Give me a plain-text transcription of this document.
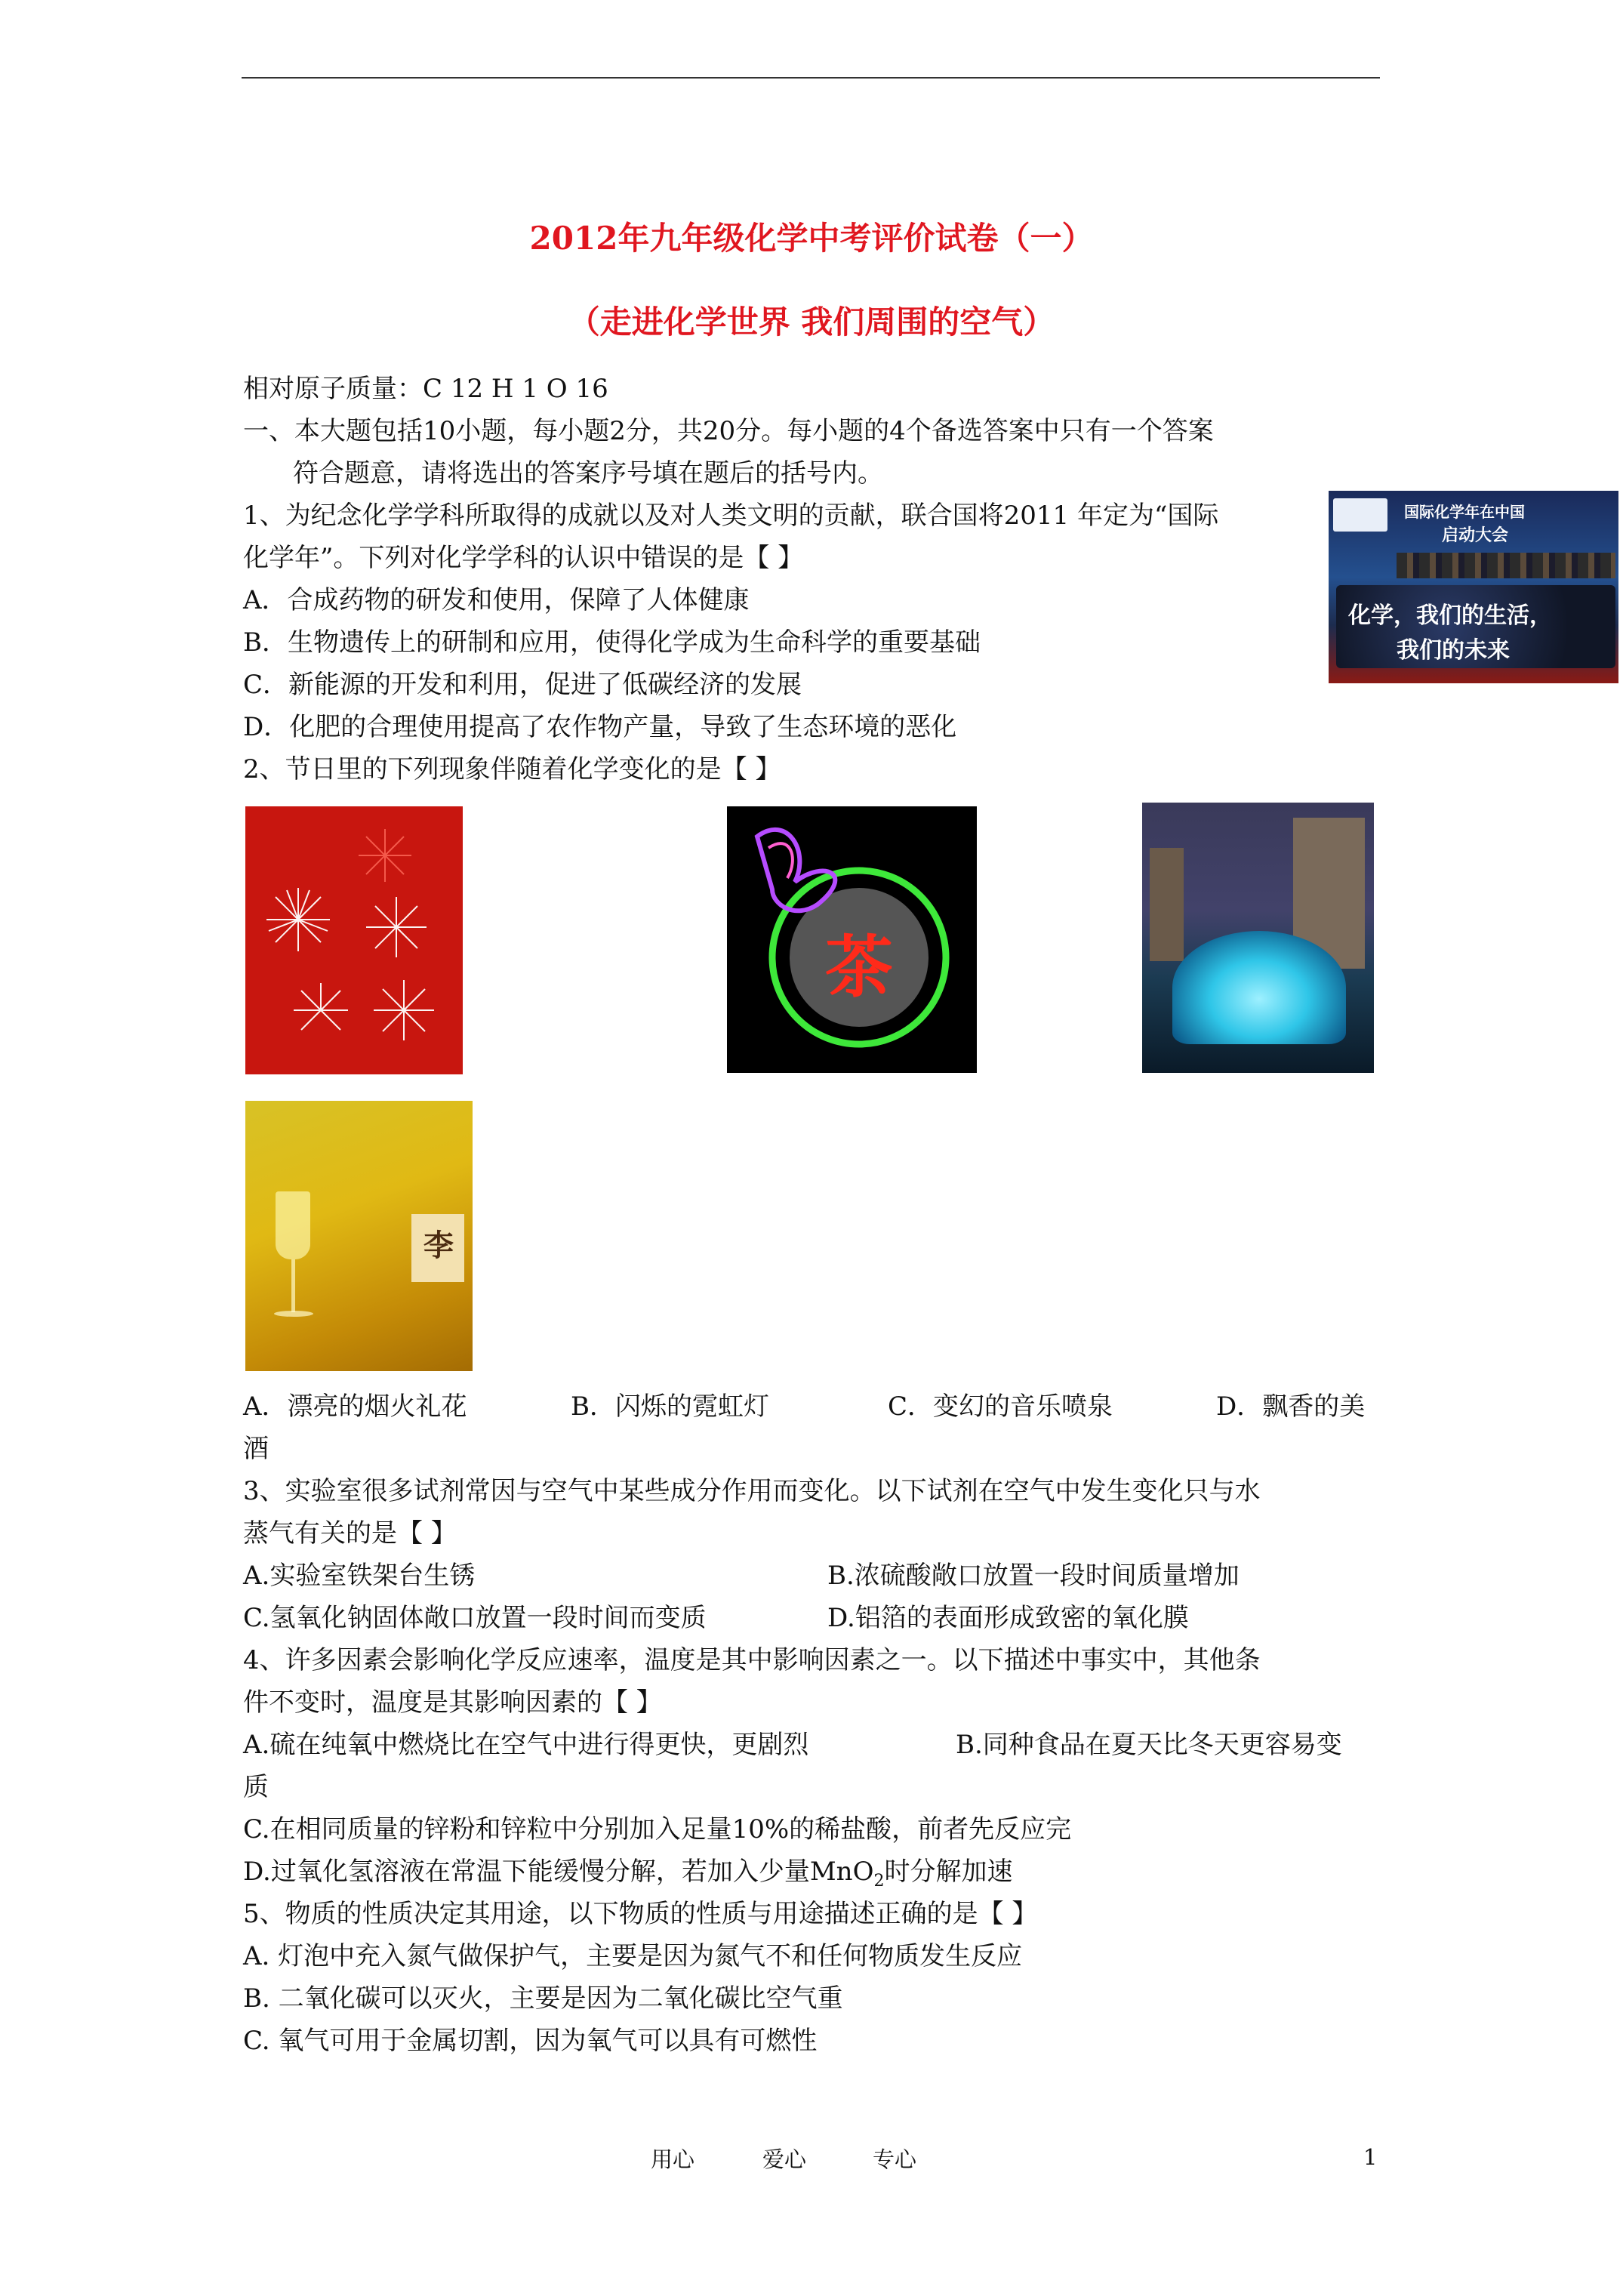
2012年九年级化学中考评价试卷（一）
（走进化学世界 我们周围的空气）
相对原子质量：C 12 H 1 O 16
一、本大题包括10小题，每小题2分，共20分。每小题的4个备选答案中只有一个答案
符合题意，请将选出的答案序号填在题后的括号内。
1、为纪念化学学科所取得的成就以及对人类文明的贡献，联合国将2011 年定为“国际
化学年”。下列对化学学科的认识中错误的是【 】
A．合成药物的研发和使用，保障了人体健康
B．生物遗传上的研制和应用，使得化学成为生命科学的重要基础
C．新能源的开发和利用，促进了低碳经济的发展
D．化肥的合理使用提高了农作物产量，导致了生态环境的恶化
国际化学年在中国
启动大会
化学，我们的生活，
我们的未来
2、节日里的下列现象伴随着化学变化的是【 】
茶
李
A．漂亮的烟火礼花	B．闪烁的霓虹灯	C．变幻的音乐喷泉	D．飘香的美
酒
3、实验室很多试剂常因与空气中某些成分作用而变化。以下试剂在空气中发生变化只与水
蒸气有关的是【 】
A.实验室铁架台生锈	B.浓硫酸敞口放置一段时间质量增加
C.氢氧化钠固体敞口放置一段时间而变质	D.铝箔的表面形成致密的氧化膜
4、许多因素会影响化学反应速率，温度是其中影响因素之一。以下描述中事实中，其他条
件不变时，温度是其影响因素的【 】
A.硫在纯氧中燃烧比在空气中进行得更快，更剧烈	B.同种食品在夏天比冬天更容易变
质
C.在相同质量的锌粉和锌粒中分别加入足量10%的稀盐酸，前者先反应完
D.过氧化氢溶液在常温下能缓慢分解，若加入少量MnO$_2$时分解加速
5、物质的性质决定其用途，以下物质的性质与用途描述正确的是【 】
A. 灯泡中充入氮气做保护气，主要是因为氮气不和任何物质发生反应
B. 二氧化碳可以灭火，主要是因为二氧化碳比空气重
C. 氧气可用于金属切割，因为氧气可以具有可燃性
用心	爱心	专心	1
